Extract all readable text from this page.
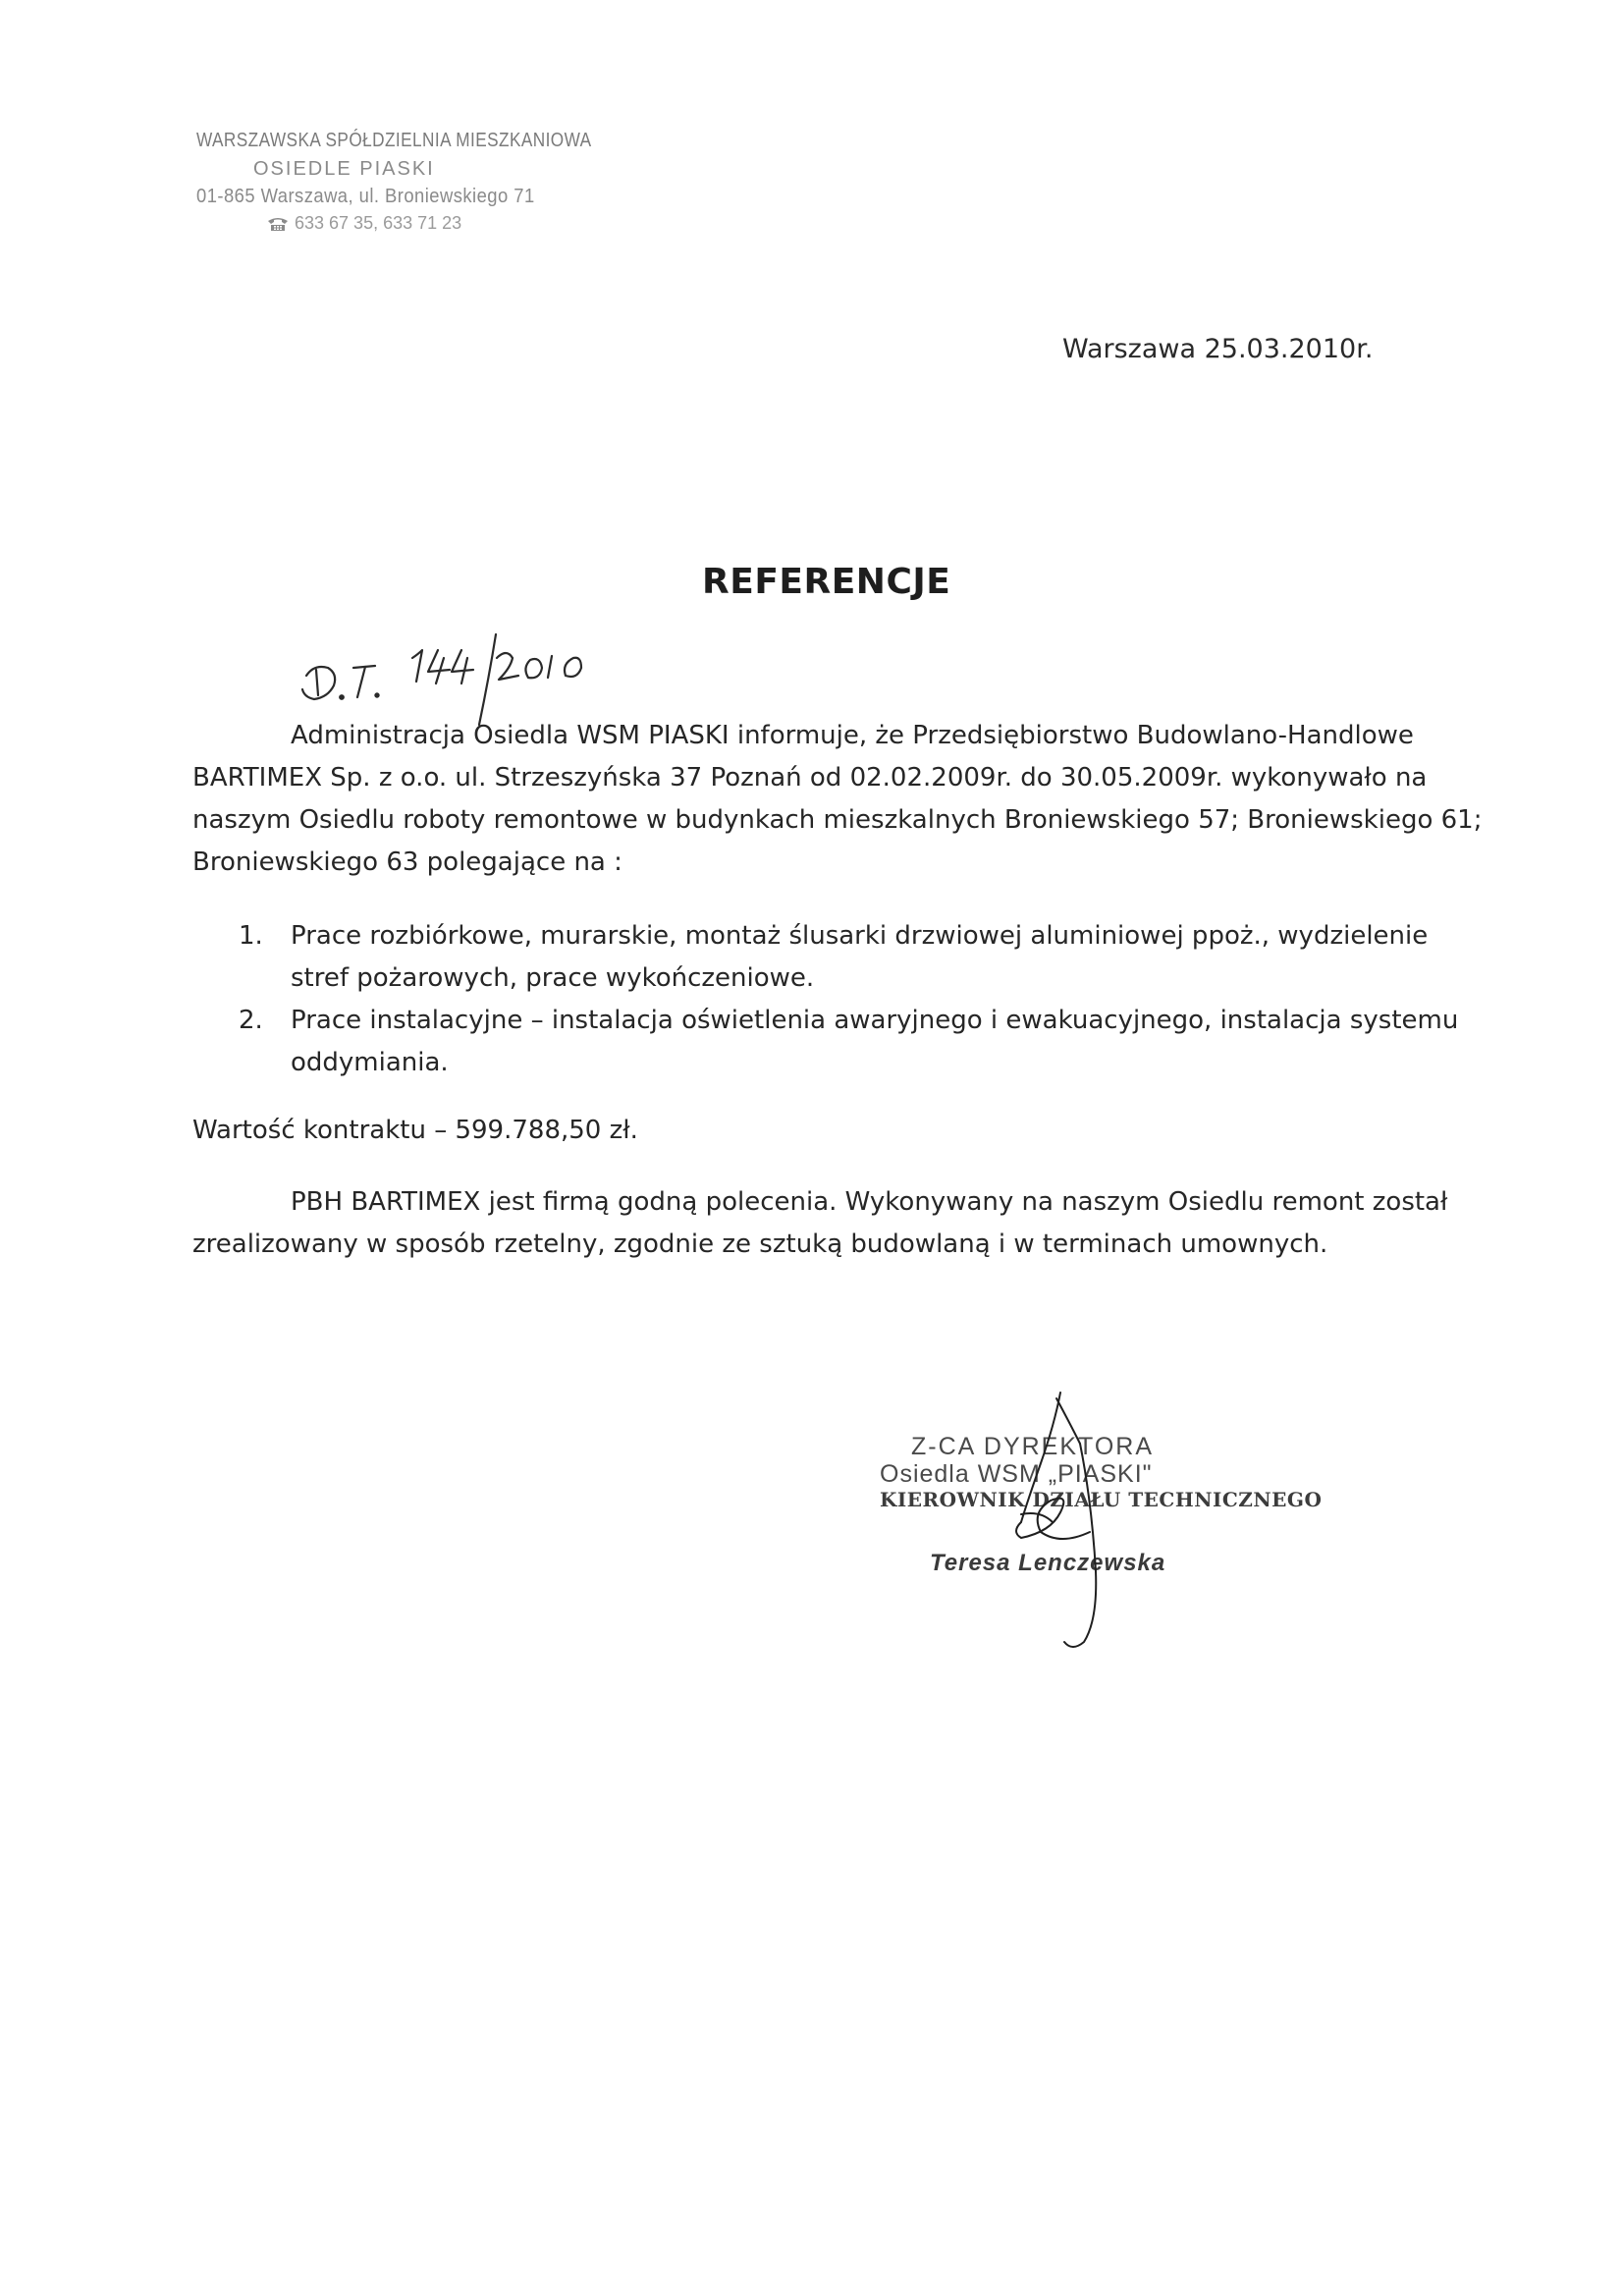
WARSZAWSKA SPÓŁDZIELNIA MIESZKANIOWA
OSIEDLE PIASKI
01-865 Warszawa, ul. Broniewskiego 71
633 67 35, 633 71 23
Warszawa 25.03.2010r.
REFERENCJE
Administracja Osiedla WSM PIASKI informuje, że Przedsiębiorstwo Budowlano-Handlowe
BARTIMEX Sp. z o.o. ul. Strzeszyńska 37 Poznań od 02.02.2009r. do 30.05.2009r. wykonywało na
naszym Osiedlu roboty remontowe w budynkach mieszkalnych Broniewskiego 57; Broniewskiego 61;
Broniewskiego 63 polegające na :
1. Prace rozbiórkowe, murarskie, montaż ślusarki drzwiowej aluminiowej ppoż., wydzielenie
stref pożarowych, prace wykończeniowe.
2. Prace instalacyjne – instalacja oświetlenia awaryjnego i ewakuacyjnego, instalacja systemu
oddymiania.
Wartość kontraktu – 599.788,50 zł.
PBH BARTIMEX jest firmą godną polecenia. Wykonywany na naszym Osiedlu remont został
zrealizowany w sposób rzetelny, zgodnie ze sztuką budowlaną i w terminach umownych.
Z-CA DYREKTORA
Osiedla WSM „PIASKI"
KIEROWNIK DZIAŁU TECHNICZNEGO
Teresa Lenczewska
